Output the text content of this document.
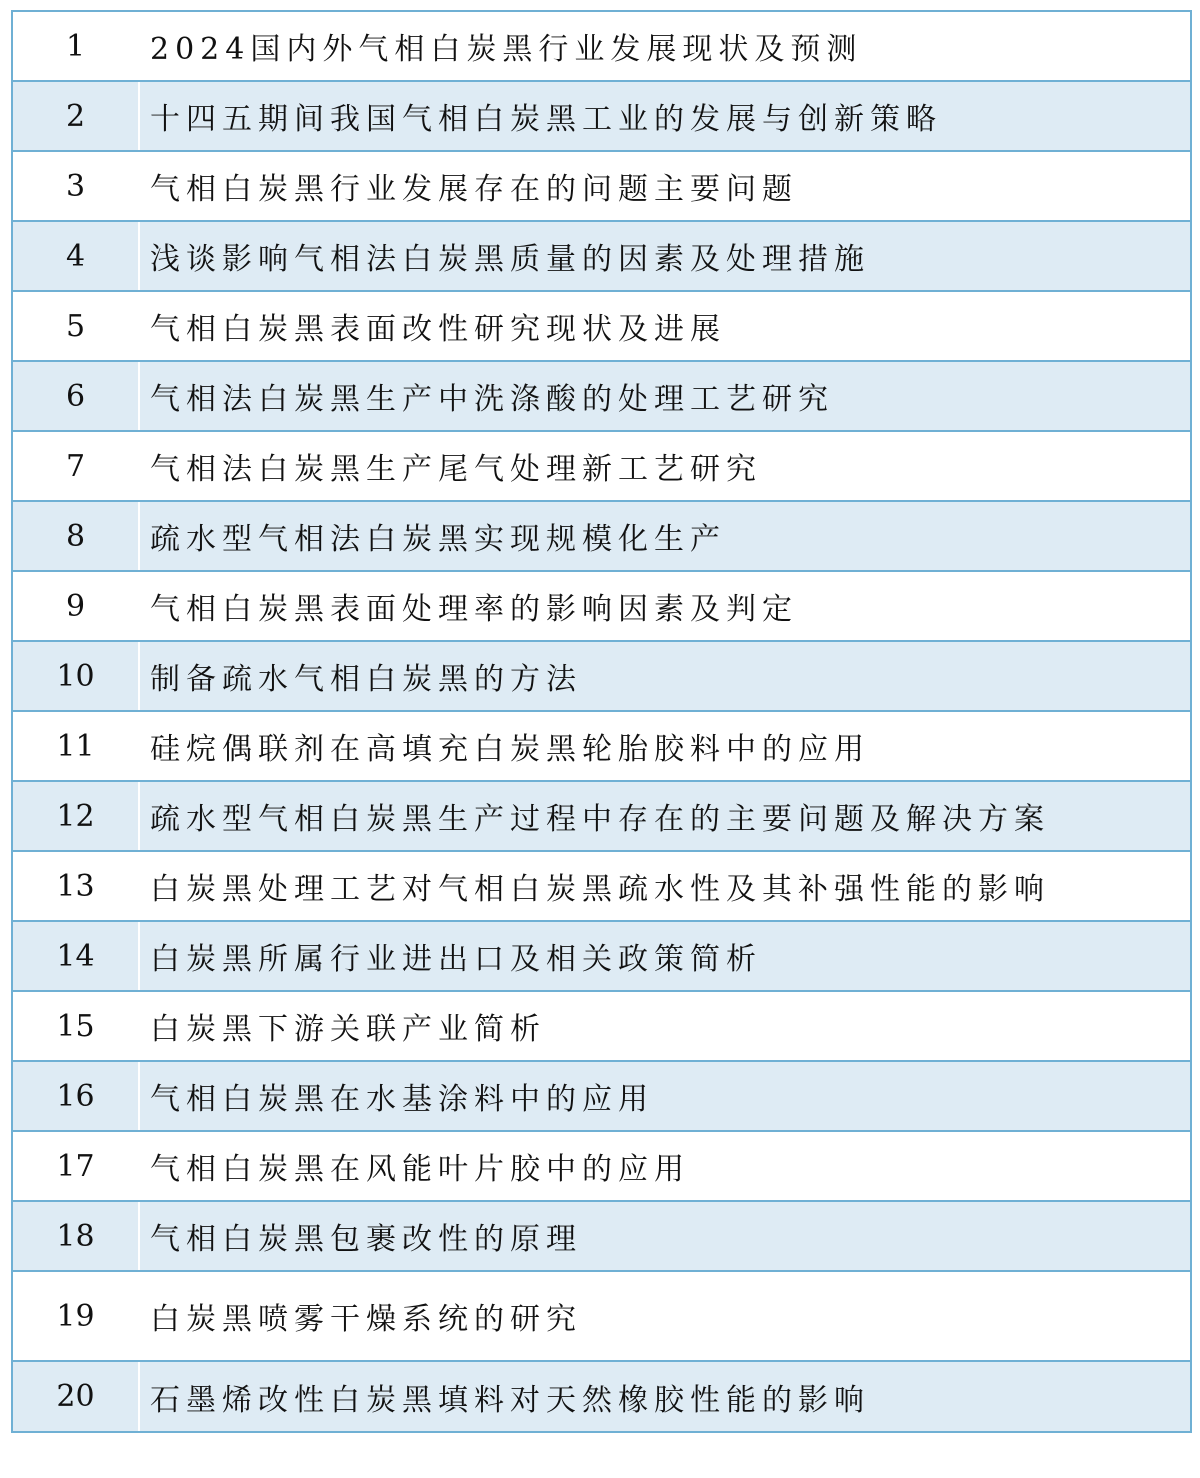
1	2024国内外气相白炭黑行业发展现状及预测
2	十四五期间我国气相白炭黑工业的发展与创新策略
3	气相白炭黑行业发展存在的问题主要问题
4	浅谈影响气相法白炭黑质量的因素及处理措施
5	气相白炭黑表面改性研究现状及进展
6	气相法白炭黑生产中洗涤酸的处理工艺研究
7	气相法白炭黑生产尾气处理新工艺研究
8	疏水型气相法白炭黑实现规模化生产
9	气相白炭黑表面处理率的影响因素及判定
10	制备疏水气相白炭黑的方法
11	硅烷偶联剂在高填充白炭黑轮胎胶料中的应用
12	疏水型气相白炭黑生产过程中存在的主要问题及解决方案
13	白炭黑处理工艺对气相白炭黑疏水性及其补强性能的影响
14	白炭黑所属行业进出口及相关政策简析
15	白炭黑下游关联产业简析
16	气相白炭黑在水基涂料中的应用
17	气相白炭黑在风能叶片胶中的应用
18	气相白炭黑包裹改性的原理
19	白炭黑喷雾干燥系统的研究
20	石墨烯改性白炭黑填料对天然橡胶性能的影响
